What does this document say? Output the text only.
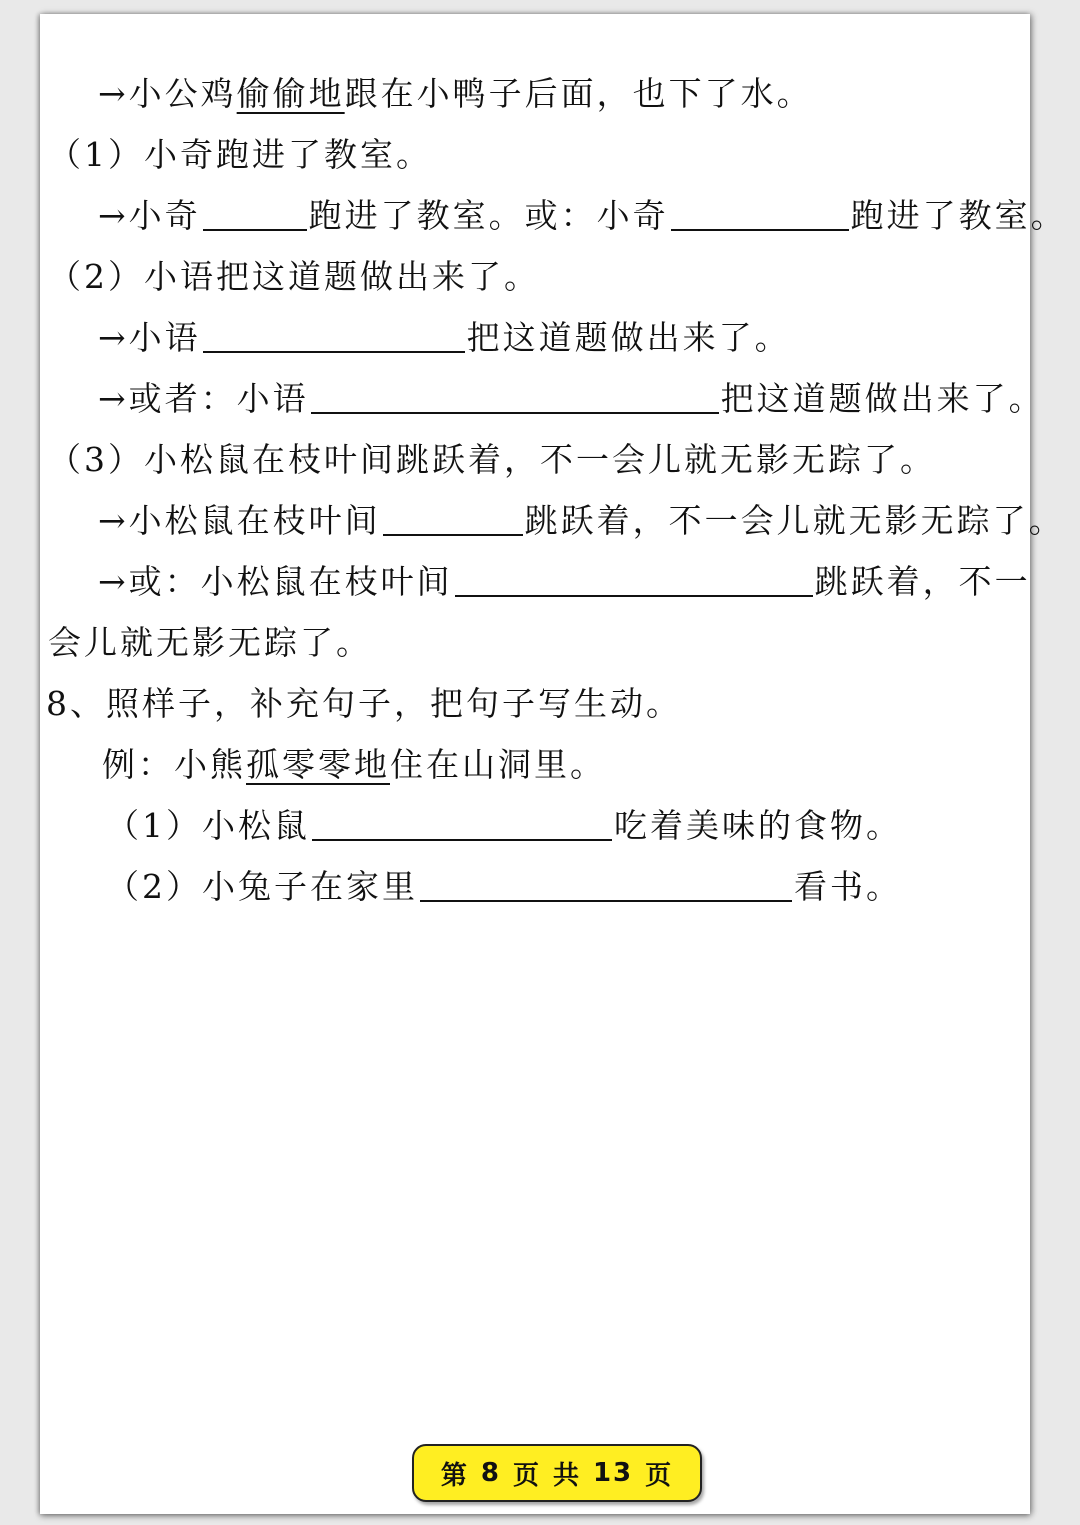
→小公鸡偷偷地跟在小鸭子后面，也下了水。
（1）小奇跑进了教室。
→小奇	跑进了教室。或：小奇	跑进了教室。
（2）小语把这道题做出来了。
→小语	把这道题做出来了。
→或者：小语	把这道题做出来了。
（3）小松鼠在枝叶间跳跃着，不一会儿就无影无踪了。
→小松鼠在枝叶间	跳跃着，不一会儿就无影无踪了。
→或：小松鼠在枝叶间	跳跃着，不一
会儿就无影无踪了。
8、照样子，补充句子，把句子写生动。
例：小熊孤零零地住在山洞里。
（1）小松鼠	吃着美味的食物。
（2）小兔子在家里	看书。
第 8 页 共 13 页
